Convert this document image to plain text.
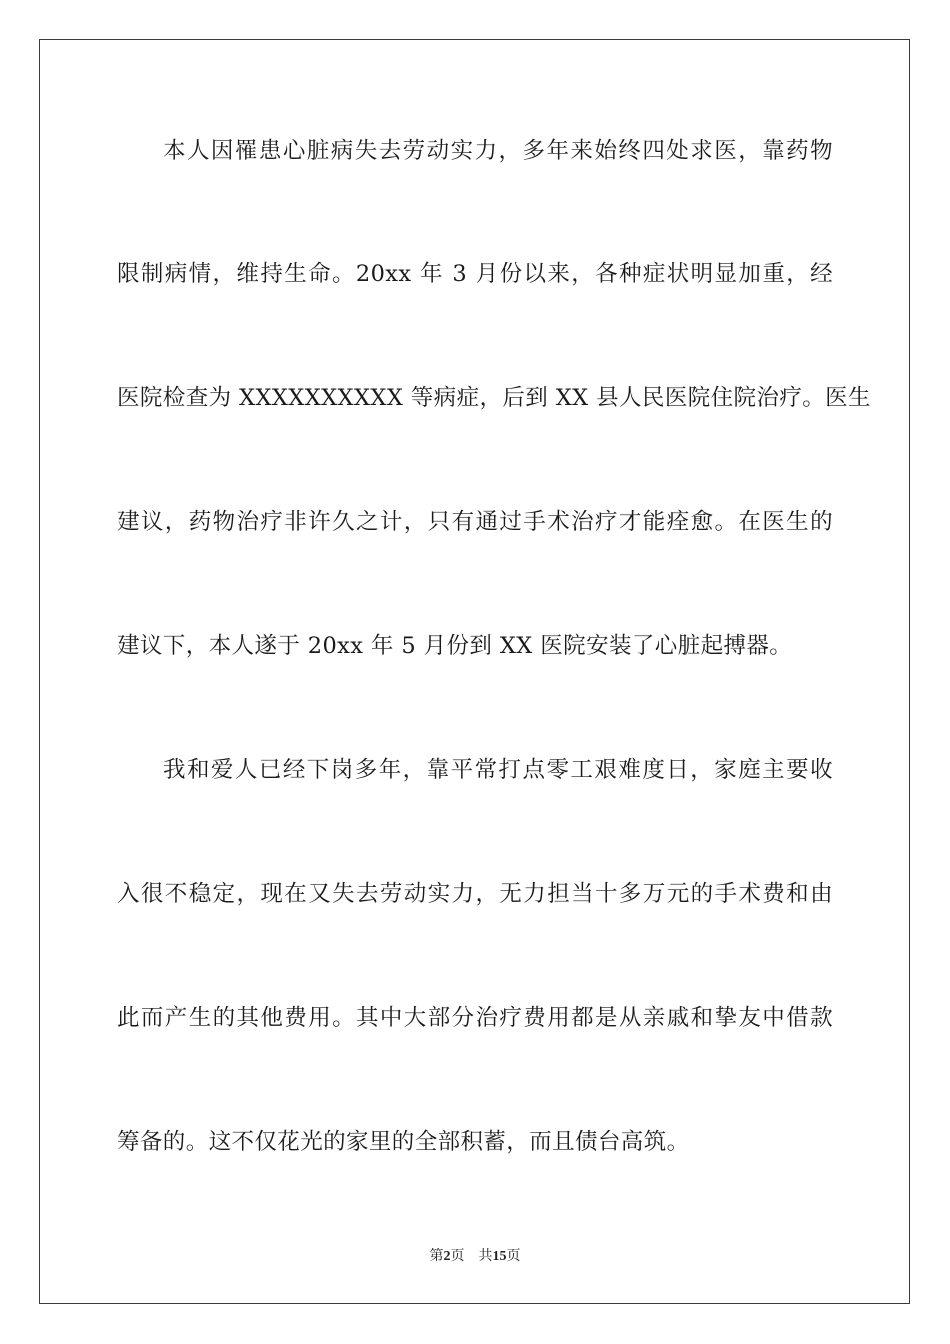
本人因罹患心脏病失去劳动实力，多年来始终四处求医，靠药物
限制病情，维持生命。20xx 年 3 月份以来，各种症状明显加重，经
医院检查为 XXXXXXXXXX 等病症，后到 XX 县人民医院住院治疗。医生
建议，药物治疗非许久之计，只有通过手术治疗才能痊愈。在医生的
建议下，本人遂于 20xx 年 5 月份到 XX 医院安装了心脏起搏器。
我和爱人已经下岗多年，靠平常打点零工艰难度日，家庭主要收
入很不稳定，现在又失去劳动实力，无力担当十多万元的手术费和由
此而产生的其他费用。其中大部分治疗费用都是从亲戚和挚友中借款
筹备的。这不仅花光的家里的全部积蓄，而且债台高筑。
第2页 共15页
